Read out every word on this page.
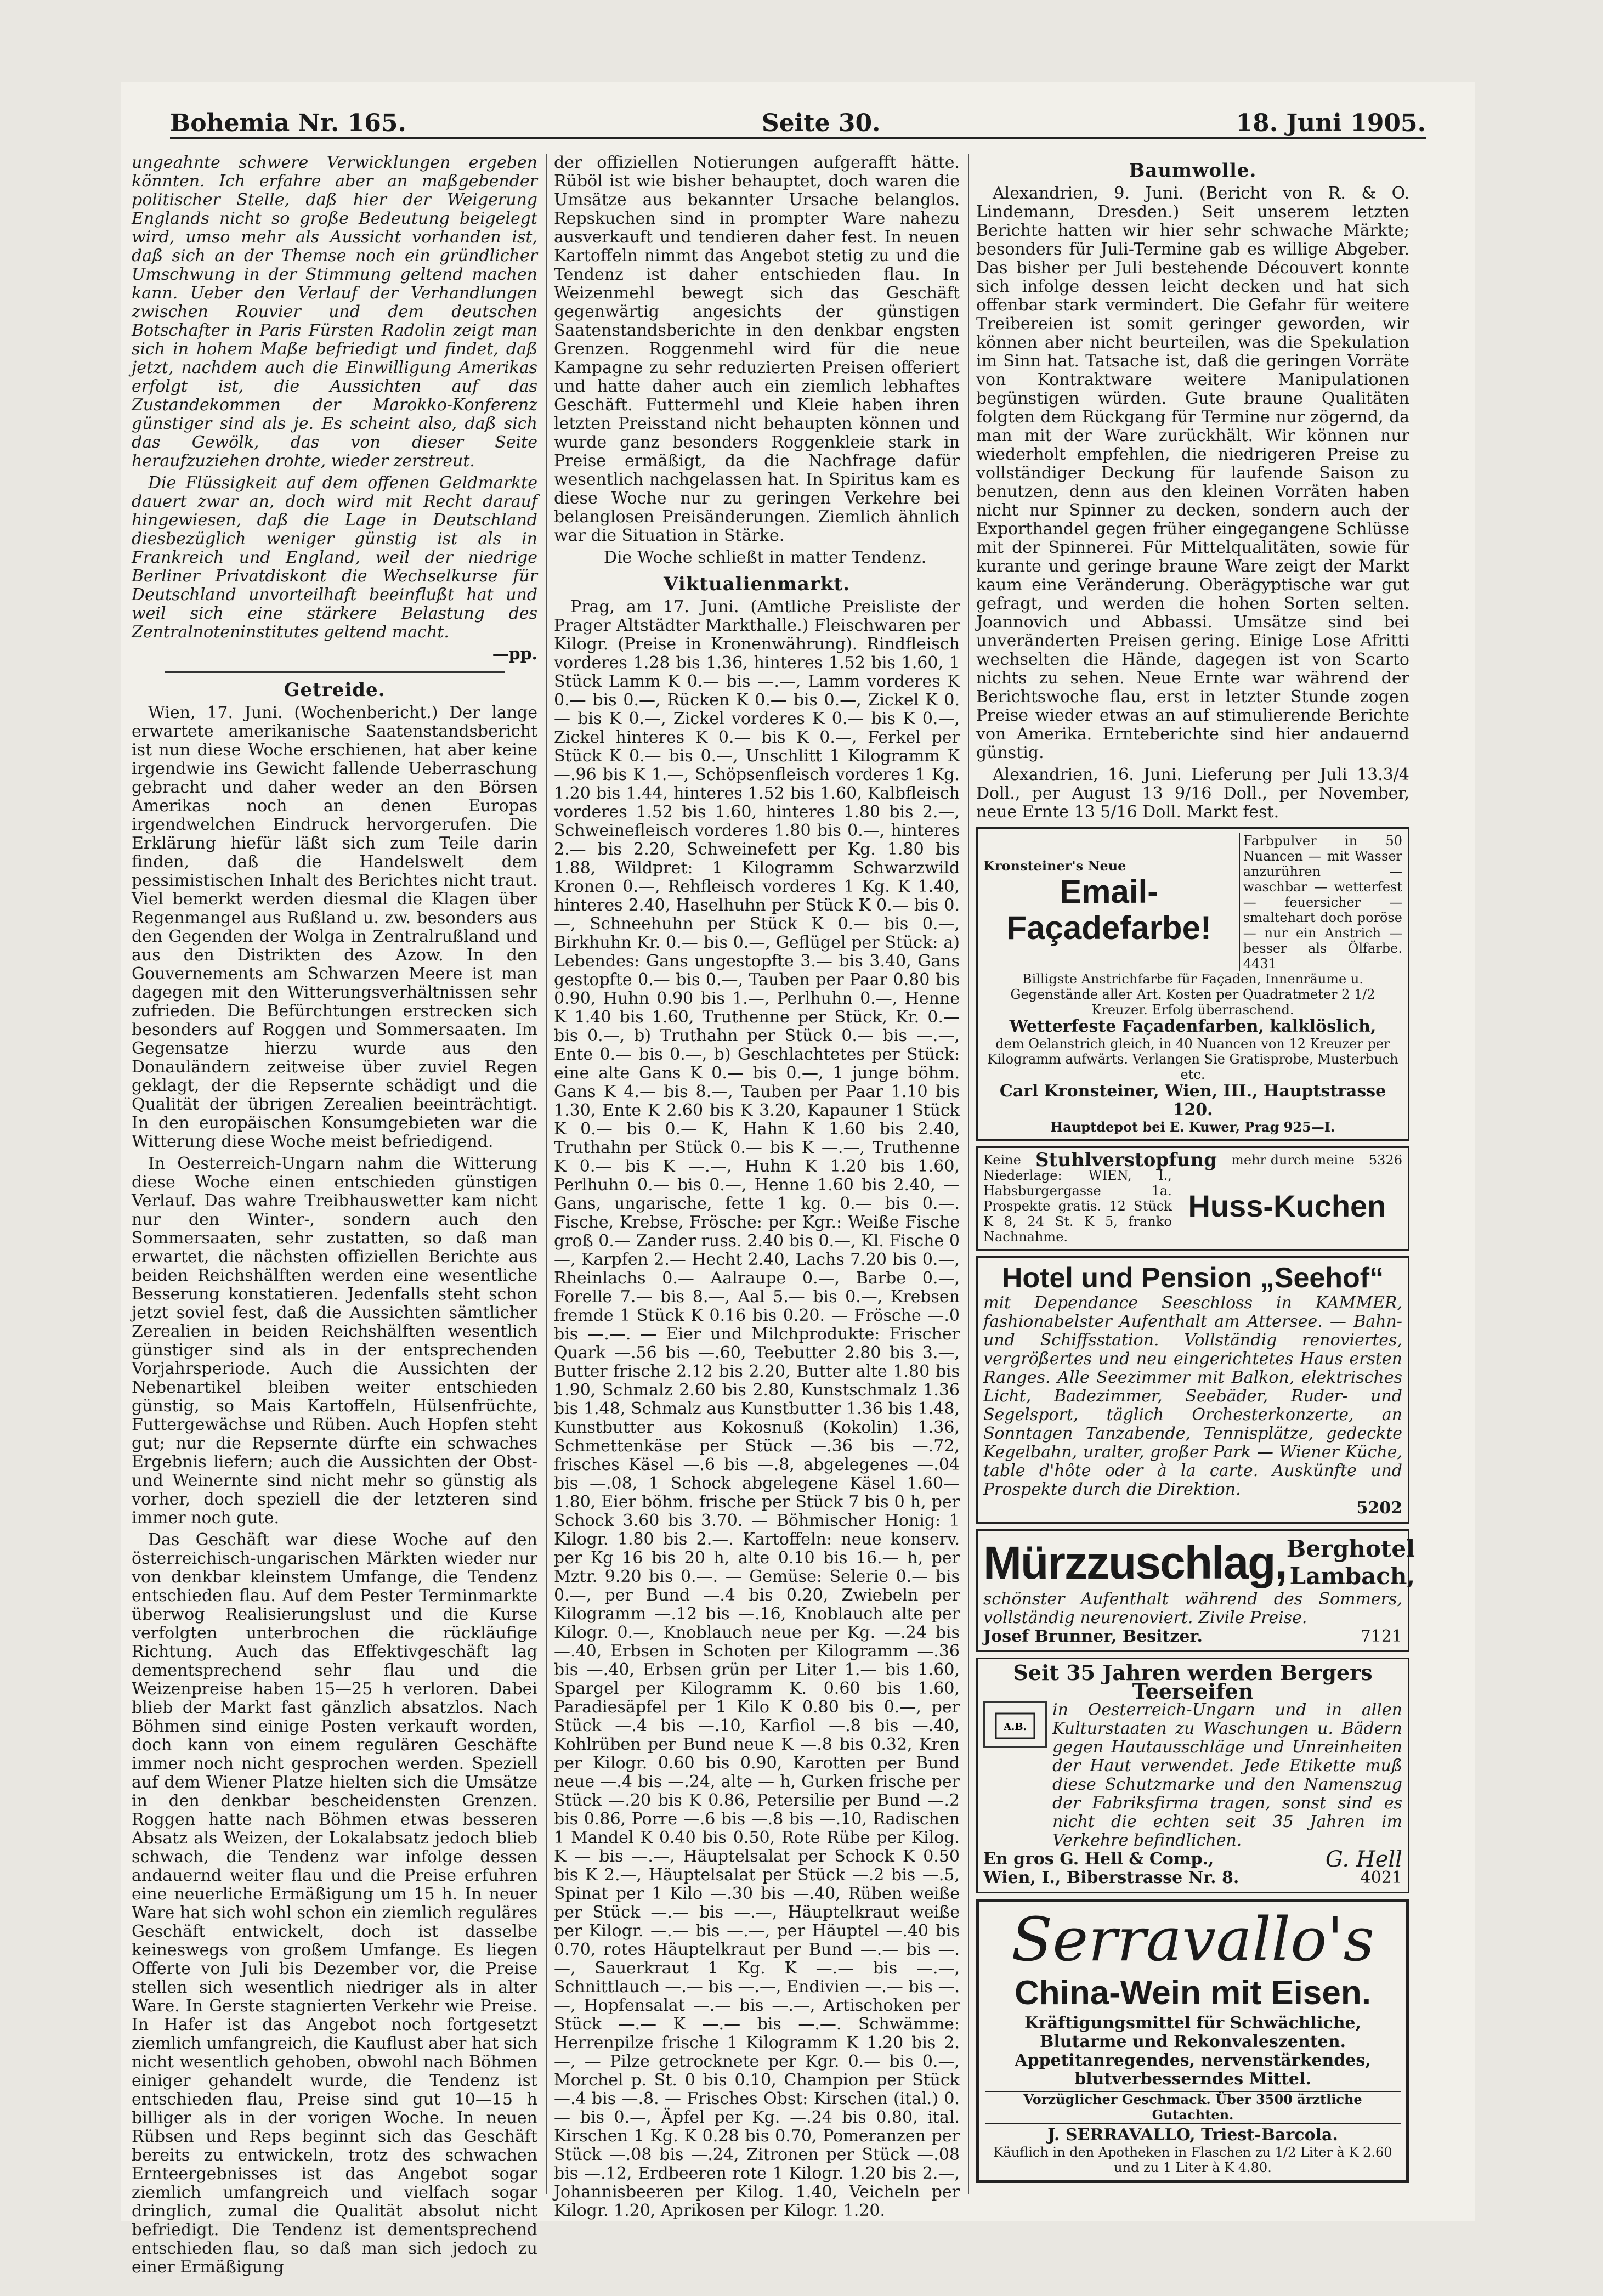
Bohemia Nr. 165.	Seite 30.	18. Juni 1905.

ungeahnte schwere Verwicklungen ergeben könnten. Ich erfahre aber an maßgebender politischer Stelle, daß hier der Weigerung Englands nicht so große Bedeutung beigelegt wird, umso mehr als Aussicht vorhanden ist, daß sich an der Themse noch ein gründlicher Umschwung in der Stimmung geltend machen kann. Ueber den Verlauf der Verhandlungen zwischen Rouvier und dem deutschen Botschafter in Paris Fürsten Radolin zeigt man sich in hohem Maße befriedigt und findet, daß jetzt, nachdem auch die Einwilligung Amerikas erfolgt ist, die Aussichten auf das Zustandekommen der Marokko-Konferenz günstiger sind als je. Es scheint also, daß sich das Gewölk, das von dieser Seite heraufzuziehen drohte, wieder zerstreut.

Die Flüssigkeit auf dem offenen Geldmarkte dauert zwar an, doch wird mit Recht darauf hingewiesen, daß die Lage in Deutschland diesbezüglich weniger günstig ist als in Frankreich und England, weil der niedrige Berliner Privatdiskont die Wechselkurse für Deutschland unvorteilhaft beeinflußt hat und weil sich eine stärkere Belastung des Zentralnoteninstitutes geltend macht.

—pp.
Getreide.

Wien, 17. Juni. (Wochenbericht.) Der lange erwartete amerikanische Saatenstandsbericht ist nun diese Woche erschienen, hat aber keine irgendwie ins Gewicht fallende Ueberraschung gebracht und daher weder an den Börsen Amerikas noch an denen Europas irgendwelchen Eindruck hervorgerufen. Die Erklärung hiefür läßt sich zum Teile darin finden, daß die Handelswelt dem pessimistischen Inhalt des Berichtes nicht traut. Viel bemerkt werden diesmal die Klagen über Regenmangel aus Rußland u. zw. besonders aus den Gegenden der Wolga in Zentralrußland und aus den Distrikten des Azow. In den Gouvernements am Schwarzen Meere ist man dagegen mit den Witterungsverhältnissen sehr zufrieden. Die Befürchtungen erstrecken sich besonders auf Roggen und Sommersaaten. Im Gegensatze hierzu wurde aus den Donauländern zeitweise über zuviel Regen geklagt, der die Repsernte schädigt und die Qualität der übrigen Zerealien beeinträchtigt. In den europäischen Konsumgebieten war die Witterung diese Woche meist befriedigend.

In Oesterreich-Ungarn nahm die Witterung diese Woche einen entschieden günstigen Verlauf. Das wahre Treibhauswetter kam nicht nur den Winter-, sondern auch den Sommersaaten, sehr zustatten, so daß man erwartet, die nächsten offiziellen Berichte aus beiden Reichshälften werden eine wesentliche Besserung konstatieren. Jedenfalls steht schon jetzt soviel fest, daß die Aussichten sämtlicher Zerealien in beiden Reichshälften wesentlich günstiger sind als in der entsprechenden Vorjahrsperiode. Auch die Aussichten der Nebenartikel bleiben weiter entschieden günstig, so Mais Kartoffeln, Hülsenfrüchte, Futtergewächse und Rüben. Auch Hopfen steht gut; nur die Repsernte dürfte ein schwaches Ergebnis liefern; auch die Aussichten der Obst- und Weinernte sind nicht mehr so günstig als vorher, doch speziell die der letzteren sind immer noch gute.

Das Geschäft war diese Woche auf den österreichisch-ungarischen Märkten wieder nur von denkbar kleinstem Umfange, die Tendenz entschieden flau. Auf dem Pester Terminmarkte überwog Realisierungslust und die Kurse verfolgten unterbrochen die rückläufige Richtung. Auch das Effektivgeschäft lag dementsprechend sehr flau und die Weizenpreise haben 15—25 h verloren. Dabei blieb der Markt fast gänzlich absatzlos. Nach Böhmen sind einige Posten verkauft worden, doch kann von einem regulären Geschäfte immer noch nicht gesprochen werden. Speziell auf dem Wiener Platze hielten sich die Umsätze in den denkbar bescheidensten Grenzen. Roggen hatte nach Böhmen etwas besseren Absatz als Weizen, der Lokalabsatz jedoch blieb schwach, die Tendenz war infolge dessen andauernd weiter flau und die Preise erfuhren eine neuerliche Ermäßigung um 15 h. In neuer Ware hat sich wohl schon ein ziemlich reguläres Geschäft entwickelt, doch ist dasselbe keineswegs von großem Umfange. Es liegen Offerte von Juli bis Dezember vor, die Preise stellen sich wesentlich niedriger als in alter Ware. In Gerste stagnierten Verkehr wie Preise. In Hafer ist das Angebot noch fortgesetzt ziemlich umfangreich, die Kauflust aber hat sich nicht wesentlich gehoben, obwohl nach Böhmen einiger gehandelt wurde, die Tendenz ist entschieden flau, Preise sind gut 10—15 h billiger als in der vorigen Woche. In neuen Rübsen und Reps beginnt sich das Geschäft bereits zu entwickeln, trotz des schwachen Ernteergebnisses ist das Angebot sogar ziemlich umfangreich und vielfach sogar dringlich, zumal die Qualität absolut nicht befriedigt. Die Tendenz ist dementsprechend entschieden flau, so daß man sich jedoch zu einer Ermäßigung

der offiziellen Notierungen aufgerafft hätte. Rüböl ist wie bisher behauptet, doch waren die Umsätze aus bekannter Ursache belanglos. Repskuchen sind in prompter Ware nahezu ausverkauft und tendieren daher fest. In neuen Kartoffeln nimmt das Angebot stetig zu und die Tendenz ist daher entschieden flau. In Weizenmehl bewegt sich das Geschäft gegenwärtig angesichts der günstigen Saatenstandsberichte in den denkbar engsten Grenzen. Roggenmehl wird für die neue Kampagne zu sehr reduzierten Preisen offeriert und hatte daher auch ein ziemlich lebhaftes Geschäft. Futtermehl und Kleie haben ihren letzten Preisstand nicht behaupten können und wurde ganz besonders Roggenkleie stark in Preise ermäßigt, da die Nachfrage dafür wesentlich nachgelassen hat. In Spiritus kam es diese Woche nur zu geringen Verkehre bei belanglosen Preisänderungen. Ziemlich ähnlich war die Situation in Stärke.

Die Woche schließt in matter Tendenz.

Viktualienmarkt.

Prag, am 17. Juni. (Amtliche Preisliste der Prager Altstädter Markthalle.) Fleischwaren per Kilogr. (Preise in Kronenwährung). Rindfleisch vorderes 1.28 bis 1.36, hinteres 1.52 bis 1.60, 1 Stück Lamm K 0.— bis —.—, Lamm vorderes K 0.— bis 0.—, Rücken K 0.— bis 0.—, Zickel K 0.— bis K 0.—, Zickel vorderes K 0.— bis K 0.—, Zickel hinteres K 0.— bis K 0.—, Ferkel per Stück K 0.— bis 0.—, Unschlitt 1 Kilogramm K —.96 bis K 1.—, Schöpsenfleisch vorderes 1 Kg. 1.20 bis 1.44, hinteres 1.52 bis 1.60, Kalbfleisch vorderes 1.52 bis 1.60, hinteres 1.80 bis 2.—, Schweinefleisch vorderes 1.80 bis 0.—, hinteres 2.— bis 2.20, Schweinefett per Kg. 1.80 bis 1.88, Wildpret: 1 Kilogramm Schwarzwild Kronen 0.—, Rehfleisch vorderes 1 Kg. K 1.40, hinteres 2.40, Haselhuhn per Stück K 0.— bis 0.—, Schneehuhn per Stück K 0.— bis 0.—, Birkhuhn Kr. 0.— bis 0.—, Geflügel per Stück: a) Lebendes: Gans ungestopfte 3.— bis 3.40, Gans gestopfte 0.— bis 0.—, Tauben per Paar 0.80 bis 0.90, Huhn 0.90 bis 1.—, Perlhuhn 0.—, Henne K 1.40 bis 1.60, Truthenne per Stück, Kr. 0.— bis 0.—, b) Truthahn per Stück 0.— bis —.—, Ente 0.— bis 0.—, b) Geschlachtetes per Stück: eine alte Gans K 0.— bis 0.—, 1 junge böhm. Gans K 4.— bis 8.—, Tauben per Paar 1.10 bis 1.30, Ente K 2.60 bis K 3.20, Kapauner 1 Stück K 0.— bis 0.— K, Hahn K 1.60 bis 2.40, Truthahn per Stück 0.— bis K —.—, Truthenne K 0.— bis K —.—, Huhn K 1.20 bis 1.60, Perlhuhn 0.— bis 0.—, Henne 1.60 bis 2.40, — Gans, ungarische, fette 1 kg. 0.— bis 0.—. Fische, Krebse, Frösche: per Kgr.: Weiße Fische groß 0.— Zander russ. 2.40 bis 0.—, Kl. Fische 0 —, Karpfen 2.— Hecht 2.40, Lachs 7.20 bis 0.—, Rheinlachs 0.— Aalraupe 0.—, Barbe 0.—, Forelle 7.— bis 8.—, Aal 5.— bis 0.—, Krebsen fremde 1 Stück K 0.16 bis 0.20. — Frösche —.0 bis —.—. — Eier und Milchprodukte: Frischer Quark —.56 bis —.60, Teebutter 2.80 bis 3.—, Butter frische 2.12 bis 2.20, Butter alte 1.80 bis 1.90, Schmalz 2.60 bis 2.80, Kunstschmalz 1.36 bis 1.48, Schmalz aus Kunstbutter 1.36 bis 1.48, Kunstbutter aus Kokosnuß (Kokolin) 1.36, Schmettenkäse per Stück —.36 bis —.72, frisches Käsel —.6 bis —.8, abgelegenes —.04 bis —.08, 1 Schock abgelegene Käsel 1.60—1.80, Eier böhm. frische per Stück 7 bis 0 h, per Schock 3.60 bis 3.70. — Böhmischer Honig: 1 Kilogr. 1.80 bis 2.—. Kartoffeln: neue konserv. per Kg 16 bis 20 h, alte 0.10 bis 16.— h, per Mztr. 9.20 bis 0.—. — Gemüse: Selerie 0.— bis 0.—, per Bund —.4 bis 0.20, Zwiebeln per Kilogramm —.12 bis —.16, Knoblauch alte per Kilogr. 0.—, Knoblauch neue per Kg. —.24 bis —.40, Erbsen in Schoten per Kilogramm —.36 bis —.40, Erbsen grün per Liter 1.— bis 1.60, Spargel per Kilogramm K. 0.60 bis 1.60, Paradiesäpfel per 1 Kilo K 0.80 bis 0.—, per Stück —.4 bis —.10, Karfiol —.8 bis —.40, Kohlrüben per Bund neue K —.8 bis 0.32, Kren per Kilogr. 0.60 bis 0.90, Karotten per Bund neue —.4 bis —.24, alte — h, Gurken frische per Stück —.20 bis K 0.86, Petersilie per Bund —.2 bis 0.86, Porre —.6 bis —.8 bis —.10, Radischen 1 Mandel K 0.40 bis 0.50, Rote Rübe per Kilog. K — bis —.—, Häuptelsalat per Schock K 0.50 bis K 2.—, Häuptelsalat per Stück —.2 bis —.5, Spinat per 1 Kilo —.30 bis —.40, Rüben weiße per Stück —.— bis —.—, Häuptelkraut weiße per Kilogr. —.— bis —.—, per Häuptel —.40 bis 0.70, rotes Häuptelkraut per Bund —.— bis —.—, Sauerkraut 1 Kg. K —.— bis —.—, Schnittlauch —.— bis —.—, Endivien —.— bis —.—, Hopfensalat —.— bis —.—, Artischoken per Stück —.— K —.— bis —.—. Schwämme: Herrenpilze frische 1 Kilogramm K 1.20 bis 2.—, — Pilze getrocknete per Kgr. 0.— bis 0.—, Morchel p. St. 0 bis 0.10, Champion per Stück —.4 bis —.8. — Frisches Obst: Kirschen (ital.) 0.— bis 0.—, Äpfel per Kg. —.24 bis 0.80, ital. Kirschen 1 Kg. K 0.28 bis 0.70, Pomeranzen per Stück —.08 bis —.24, Zitronen per Stück —.08 bis —.12, Erdbeeren rote 1 Kilogr. 1.20 bis 2.—, Johannisbeeren per Kilog. 1.40, Veicheln per Kilogr. 1.20, Aprikosen per Kilogr. 1.20.

Baumwolle.

Alexandrien, 9. Juni. (Bericht von R. & O. Lindemann, Dresden.) Seit unserem letzten Berichte hatten wir hier sehr schwache Märkte; besonders für Juli-Termine gab es willige Abgeber. Das bisher per Juli bestehende Découvert konnte sich infolge dessen leicht decken und hat sich offenbar stark vermindert. Die Gefahr für weitere Treibereien ist somit geringer geworden, wir können aber nicht beurteilen, was die Spekulation im Sinn hat. Tatsache ist, daß die geringen Vorräte von Kontraktware weitere Manipulationen begünstigen würden. Gute braune Qualitäten folgten dem Rückgang für Termine nur zögernd, da man mit der Ware zurückhält. Wir können nur wiederholt empfehlen, die niedrigeren Preise zu vollständiger Deckung für laufende Saison zu benutzen, denn aus den kleinen Vorräten haben nicht nur Spinner zu decken, sondern auch der Exporthandel gegen früher eingegangene Schlüsse mit der Spinnerei. Für Mittelqualitäten, sowie für kurante und geringe braune Ware zeigt der Markt kaum eine Veränderung. Oberägyptische war gut gefragt, und werden die hohen Sorten selten. Joannovich und Abbassi. Umsätze sind bei unveränderten Preisen gering. Einige Lose Afritti wechselten die Hände, dagegen ist von Scarto nichts zu sehen. Neue Ernte war während der Berichtswoche flau, erst in letzter Stunde zogen Preise wieder etwas an auf stimulierende Berichte von Amerika. Ernteberichte sind hier andauernd günstig.

Alexandrien, 16. Juni. Lieferung per Juli 13.3/4 Doll., per August 13 9/16 Doll., per November, neue Ernte 13 5/16 Doll. Markt fest.

Kronsteiner's Neue
Email-Façadefarbe!
Farbpulver in 50 Nuancen — mit Wasser anzurühren — waschbar — wetterfest — feuersicher — smaltehart doch poröse — nur ein Anstrich — besser als Ölfarbe. 4431
Billigste Anstrichfarbe für Façaden, Innenräume u. Gegenstände aller Art. Kosten per Quadratmeter 2 1/2 Kreuzer. Erfolg überraschend.
Wetterfeste Façadenfarben, kalklöslich,
dem Oelanstrich gleich, in 40 Nuancen von 12 Kreuzer per Kilogramm aufwärts. Verlangen Sie Gratisprobe, Musterbuch etc.
Carl Kronsteiner, Wien, III., Hauptstrasse 120.
Hauptdepot bei E. Kuwer, Prag 925—I.
Keine Stuhlverstopfung mehr durch meine 5326
Niederlage: WIEN, I., Habsburgergasse 1a. Prospekte gratis. 12 Stück K 8, 24 St. K 5, franko Nachnahme.
Huss-Kuchen
Hotel und Pension „Seehof“
mit Dependance Seeschloss in KAMMER, fashionabelster Aufenthalt am Attersee. — Bahn- und Schiffsstation. Vollständig renoviertes, vergrößertes und neu eingerichtetes Haus ersten Ranges. Alle Seezimmer mit Balkon, elektrisches Licht, Badezimmer, Seebäder, Ruder- und Segelsport, täglich Orchesterkonzerte, an Sonntagen Tanzabende, Tennisplätze, gedeckte Kegelbahn, uralter, großer Park — Wiener Küche, table d'hôte oder à la carte. Auskünfte und Prospekte durch die Direktion.
5202
Mürzzuschlag, Berghotel
Lambach,
schönster Aufenthalt während des Sommers, vollständig neurenoviert. Zivile Preise.
Josef Brunner, Besitzer.	7121
Seit 35 Jahren werden Bergers Teerseifen
A.B.
in Oesterreich-Ungarn und in allen Kulturstaaten zu Waschungen u. Bädern gegen Hautausschläge und Unreinheiten der Haut verwendet. Jede Etikette muß diese Schutzmarke und den Namenszug der Fabriksfirma tragen, sonst sind es nicht die echten seit 35 Jahren im Verkehre befindlichen.
En gros G. Hell & Comp.,	G. Hell
Wien, I., Biberstrasse Nr. 8.	4021
Serravallo's
China-Wein mit Eisen.
Kräftigungsmittel für Schwächliche, Blutarme und Rekonvaleszenten.
Appetitanregendes, nervenstärkendes, blutverbesserndes Mittel.
Vorzüglicher Geschmack. Über 3500 ärztliche Gutachten.
J. SERRAVALLO, Triest-Barcola.
Käuflich in den Apotheken in Flaschen zu 1/2 Liter à K 2.60 und zu 1 Liter à K 4.80.
